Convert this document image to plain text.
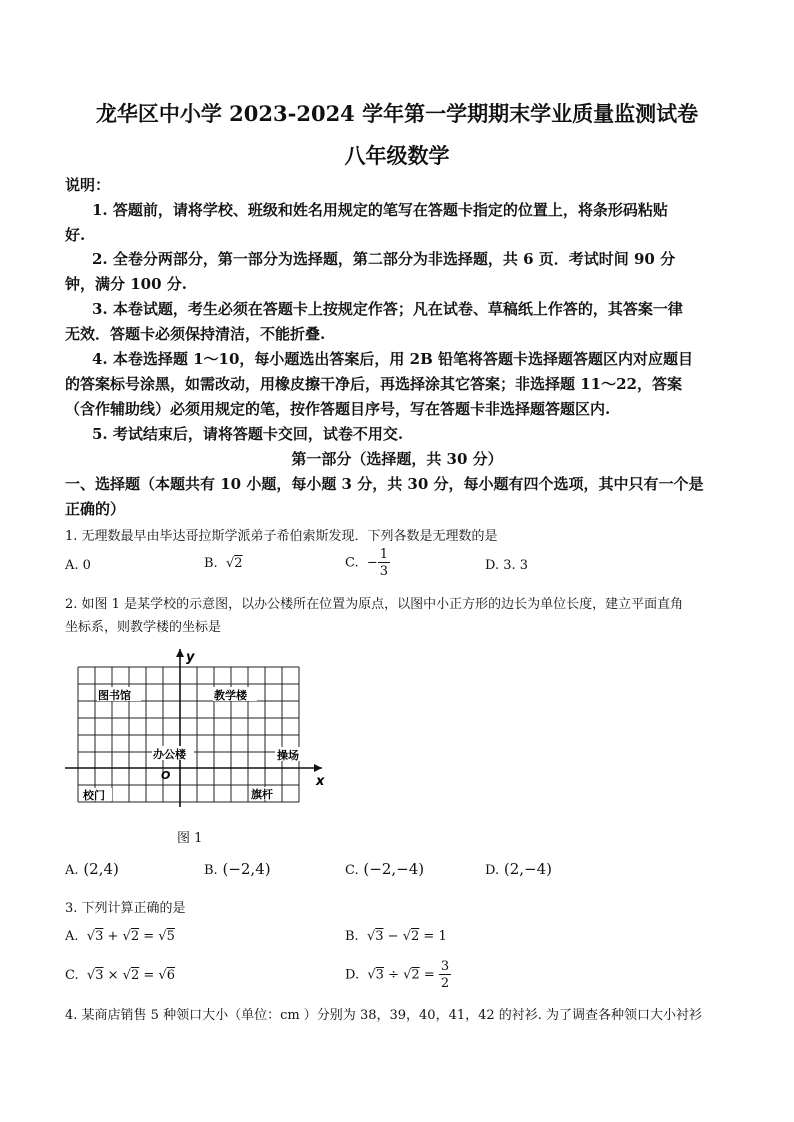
龙华区中小学 2023-2024 学年第一学期期末学业质量监测试卷
八年级数学
说明：
1. 答题前，请将学校、班级和姓名用规定的笔写在答题卡指定的位置上，将条形码粘贴
好.
2. 全卷分两部分，第一部分为选择题，第二部分为非选择题，共 6 页．考试时间 90 分
钟，满分 100 分.
3. 本卷试题，考生必须在答题卡上按规定作答；凡在试卷、草稿纸上作答的，其答案一律
无效．答题卡必须保持清洁，不能折叠.
4. 本卷选择题 1～10，每小题选出答案后，用 2B 铅笔将答题卡选择题答题区内对应题目
的答案标号涂黑，如需改动，用橡皮擦干净后，再选择涂其它答案；非选择题 11～22，答案
（含作辅助线）必须用规定的笔，按作答题目序号，写在答题卡非选择题答题区内.
5. 考试结束后，请将答题卡交回，试卷不用交.
第一部分（选择题，共 30 分）
一、选择题（本题共有 10 小题，每小题 3 分，共 30 分，每小题有四个选项，其中只有一个是
正确的）
1. 无理数最早由毕达哥拉斯学派弟子希伯索斯发现．下列各数是无理数的是
A. 0	B.  √2	C. − $\frac{1}{3}$	D. 3. 3
2. 如图 1 是某学校的示意图，以办公楼所在位置为原点，以图中小正方形的边长为单位长度，建立平面直角
坐标系，则教学楼的坐标是
图书馆	教学楼
办公楼	操场
校门	旗杆
O	x
y
图 1
A. (2,4)	B. (−2,4)	C. (−2,−4)	D. (2,−4)
3. 下列计算正确的是
A.  √3 + √2 = √5	B.  √3 − √2 = 1
C.  √3 × √2 = √6	D.  $√3 \div √2 = \frac{3}{2}$
4. 某商店销售 5 种领口大小（单位：cm ）分别为 38，39，40，41，42 的衬衫. 为了调查各种领口大小衬衫
